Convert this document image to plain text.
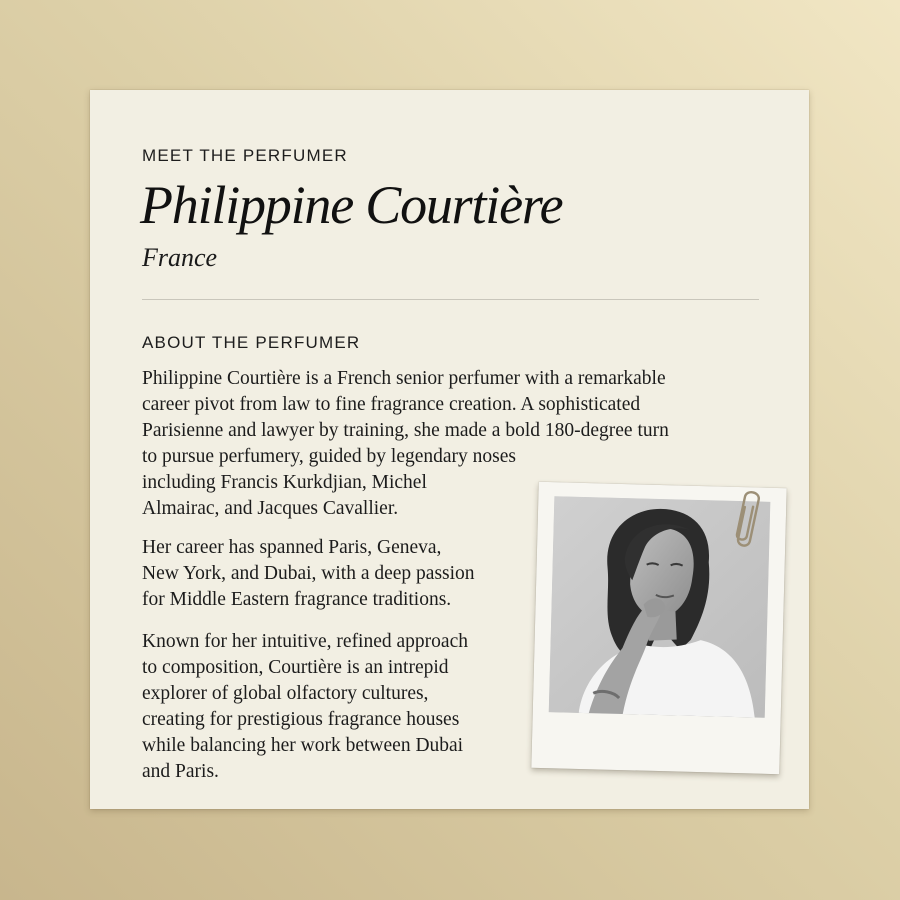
MEET THE PERFUMER
Philippine Courtière
France
ABOUT THE PERFUMER
Philippine Courtière is a French senior perfumer with a remarkable
career pivot from law to fine fragrance creation. A sophisticated
Parisienne and lawyer by training, she made a bold 180-degree turn
to pursue perfumery, guided by legendary noses
including Francis Kurkdjian, Michel
Almairac, and Jacques Cavallier.
Her career has spanned Paris, Geneva,
New York, and Dubai, with a deep passion
for Middle Eastern fragrance traditions.
Known for her intuitive, refined approach
to composition, Courtière is an intrepid
explorer of global olfactory cultures,
creating for prestigious fragrance houses
while balancing her work between Dubai
and Paris.
